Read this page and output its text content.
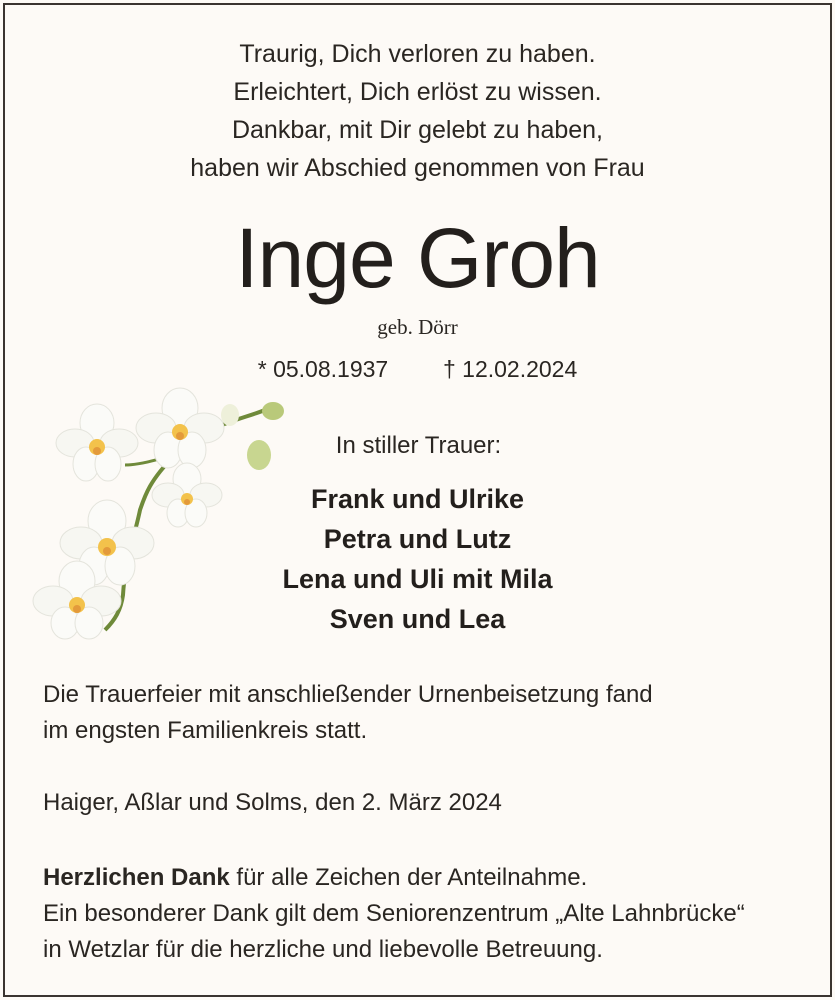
Traurig, Dich verloren zu haben.
Erleichtert, Dich erlöst zu wissen.
Dankbar, mit Dir gelebt zu haben,
haben wir Abschied genommen von Frau
Inge Groh
geb. Dörr
* 05.08.1937 † 12.02.2024
In stiller Trauer:
Frank und Ulrike
Petra und Lutz
Lena und Uli mit Mila
Sven und Lea
Die Trauerfeier mit anschließender Urnenbeisetzung fand
im engsten Familienkreis statt.
Haiger, Aßlar und Solms, den 2. März 2024
Herzlichen Dank für alle Zeichen der Anteilnahme.
Ein besonderer Dank gilt dem Seniorenzentrum „Alte Lahnbrücke“
in Wetzlar für die herzliche und liebevolle Betreuung.
